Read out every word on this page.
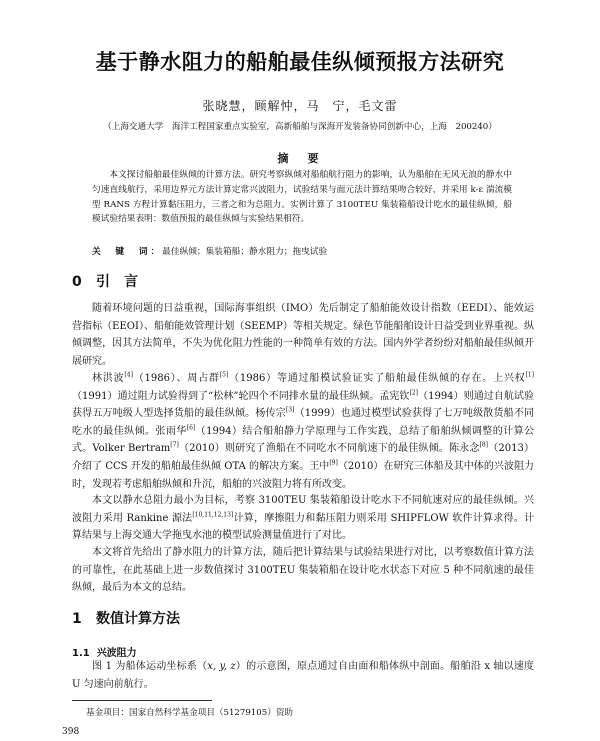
基于静水阻力的船舶最佳纵倾预报方法研究
张晓慧，顾解忡，马　宁，毛文雷
（上海交通大学　海洋工程国家重点实验室，高新船舶与深海开发装备协同创新中心，上海　200240）
摘　要
本文探讨船舶最佳纵倾的计算方法。研究考察纵倾对船舶航行阻力的影响，认为船舶在无风无浪的静水中匀速直线航行，采用边界元方法计算定常兴波阻力，试验结果与面元法计算结果吻合较好，并采用 k-ε 湍流模型 RANS 方程计算黏压阻力，三者之和为总阻力。实例计算了 3100TEU 集装箱船设计吃水的最佳纵倾，船模试验结果表明：数值预报的最佳纵倾与实验结果相符。
关　键　词：最佳纵倾；集装箱船；静水阻力；拖曳试验
0 引　言
随着环境问题的日益重视，国际海事组织（IMO）先后制定了船舶能效设计指数（EEDI）、能效运营指标（EEOI）、船舶能效管理计划（SEEMP）等相关规定。绿色节能船舶设计日益受到业界重视。纵倾调整，因其方法简单，不失为优化阻力性能的一种简单有效的方法。国内外学者纷纷对船舶最佳纵倾开展研究。
林洪波[4]（1986）、周占群[5]（1986）等通过船模试验证实了船舶最佳纵倾的存在。上兴权[1]（1991）通过阻力试验得到了“松林”轮四个不同排水量的最佳纵倾。孟宪钦[2]（1994）则通过自航试验获得五万吨级人型选择货船的最佳纵倾。杨传宗[3]（1999）也通过模型试验获得了七万吨级散货船不同吃水的最佳纵倾。张雨华[6]（1994）结合船舶静力学原理与工作实践，总结了船舶纵倾调整的计算公式。Volker Bertram[7]（2010）则研究了渔船在不同吃水不同航速下的最佳纵倾。陈永念[8]（2013）介绍了 CCS 开发的船舶最佳纵倾 OTA 的解决方案。王中[9]（2010）在研究三体船及其中体的兴波阻力时，发现若考虑船舶纵倾和升沉，船舶的兴波阻力将有所改变。
本文以静水总阻力最小为目标，考察 3100TEU 集装箱船设计吃水下不同航速对应的最佳纵倾。兴波阻力采用 Rankine 源法[10,11,12,13]计算，摩擦阻力和黏压阻力则采用 SHIPFLOW 软件计算求得。计算结果与上海交通大学拖曳水池的模型试验测量值进行了对比。
本文将首先给出了静水阻力的计算方法，随后把计算结果与试验结果进行对比，以考察数值计算方法的可靠性，在此基础上进一步数值探讨 3100TEU 集装箱船在设计吃水状态下对应 5 种不同航速的最佳纵倾，最后为本文的总结。
1 数值计算方法
1.1 兴波阻力
图 1 为船体运动坐标系（x, y, z）的示意图，原点通过自由面和船体纵中剖面。船舶沿 x 轴以速度 U 匀速向前航行。
基金项目：国家自然科学基金项目（51279105）资助
398
